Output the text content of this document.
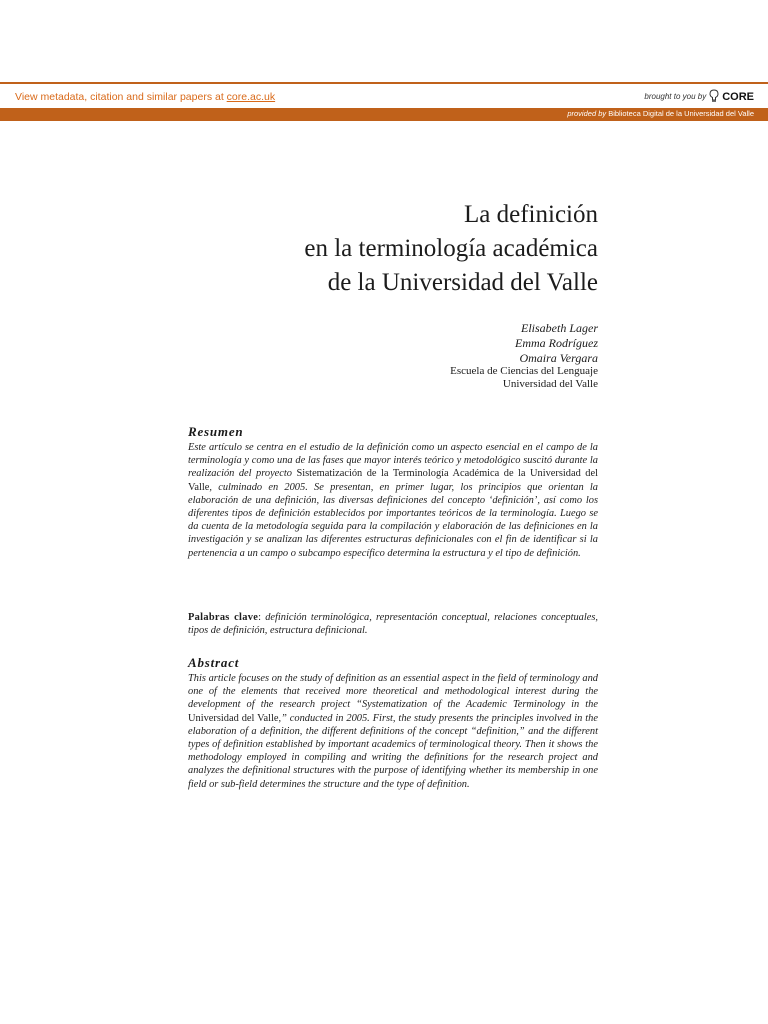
View metadata, citation and similar papers at core.ac.uk	brought to you by CORE
provided by Biblioteca Digital de la Universidad del Valle
La definición
en la terminología académica
de la Universidad del Valle
Elisabeth Lager
Emma Rodríguez
Omaira Vergara
Escuela de Ciencias del Lenguaje
Universidad del Valle
Resumen

Este artículo se centra en el estudio de la definición como un aspecto esencial en el campo de la terminología y como una de las fases que mayor interés teórico y metodológico suscitó durante la realización del proyecto Sistematización de la Terminología Académica de la Universidad del Valle, culminado en 2005. Se presentan, en primer lugar, los principios que orientan la elaboración de una definición, las diversas definiciones del concepto ‘definición’, así como los diferentes tipos de definición establecidos por importantes teóricos de la terminología. Luego se da cuenta de la metodología seguida para la compilación y elaboración de las definiciones en la investigación y se analizan las diferentes estructuras definicionales con el fin de identificar si la pertenencia a un campo o subcampo específico determina la estructura y el tipo de definición.

Palabras clave: definición terminológica, representación conceptual, relaciones conceptuales, tipos de definición, estructura definicional.

Abstract

This article focuses on the study of definition as an essential aspect in the field of terminology and one of the elements that received more theoretical and methodological interest during the development of the research project “Systematization of the Academic Terminology in the Universidad del Valle,” conducted in 2005. First, the study presents the principles involved in the elaboration of a definition, the different definitions of the concept “definition,” and the different types of definition established by important academics of terminological theory. Then it shows the methodology employed in compiling and writing the definitions for the research project and analyzes the definitional structures with the purpose of identifying whether its membership in one field or sub-field determines the structure and the type of definition.
